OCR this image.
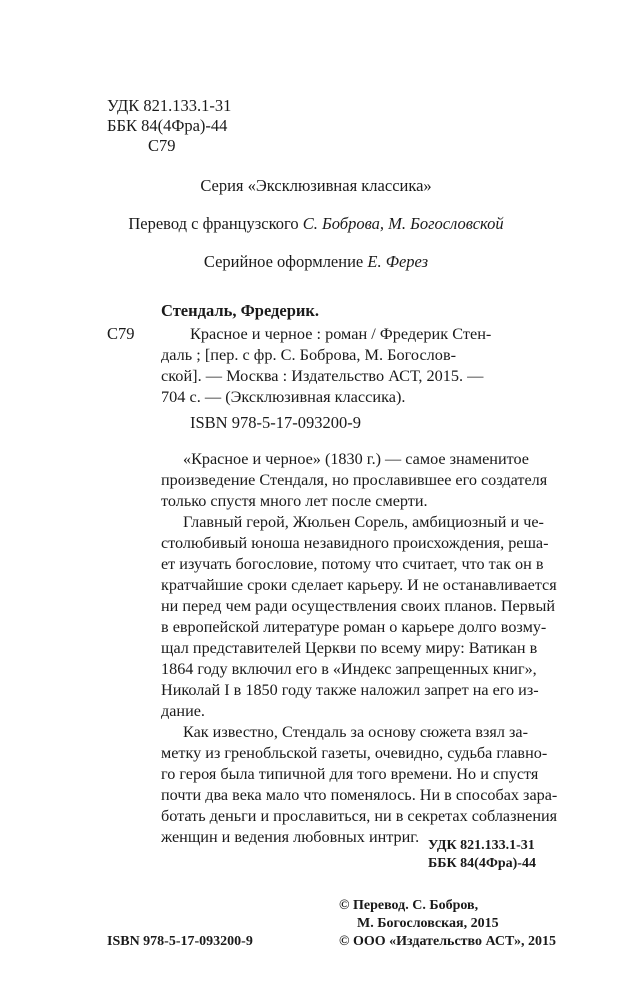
УДК 821.133.1-31
ББК 84(4Фра)-44
С79
Серия «Эксклюзивная классика»
Перевод с французского С. Боброва, М. Богословской
Серийное оформление Е. Ферез
Стендаль, Фредерик.
С79	Красное и черное : роман / Фредерик Стен-
даль ; [пер. с фр. С. Боброва, М. Богослов-
ской]. — Москва : Издательство АСТ, 2015. —
704 с. — (Эксклюзивная классика).
ISBN 978-5-17-093200-9

«Красное и черное» (1830 г.) — самое знаменитое

произведение Стендаля, но прославившее его создателя

только спустя много лет после смерти.

Главный герой, Жюльен Сорель, амбициозный и че-

столюбивый юноша незавидного происхождения, реша-

ет изучать богословие, потому что считает, что так он в

кратчайшие сроки сделает карьеру. И не останавливается

ни перед чем ради осуществления своих планов. Первый

в европейской литературе роман о карьере долго возму-

щал представителей Церкви по всему миру: Ватикан в

1864 году включил его в «Индекс запрещенных книг»,

Николай I в 1850 году также наложил запрет на его из-

дание.

Как известно, Стендаль за основу сюжета взял за-

метку из гренобльской газеты, очевидно, судьба главно-

го героя была типичной для того времени. Но и спустя

почти два века мало что поменялось. Ни в способах зара-

ботать деньги и прославиться, ни в секретах соблазнения

женщин и ведения любовных интриг. УДК 821.133.1-31
ББК 84(4Фра)-44
© Перевод. С. Бобров,
М. Богословская, 2015
© ООО «Издательство АСТ», 2015
ISBN 978-5-17-093200-9
